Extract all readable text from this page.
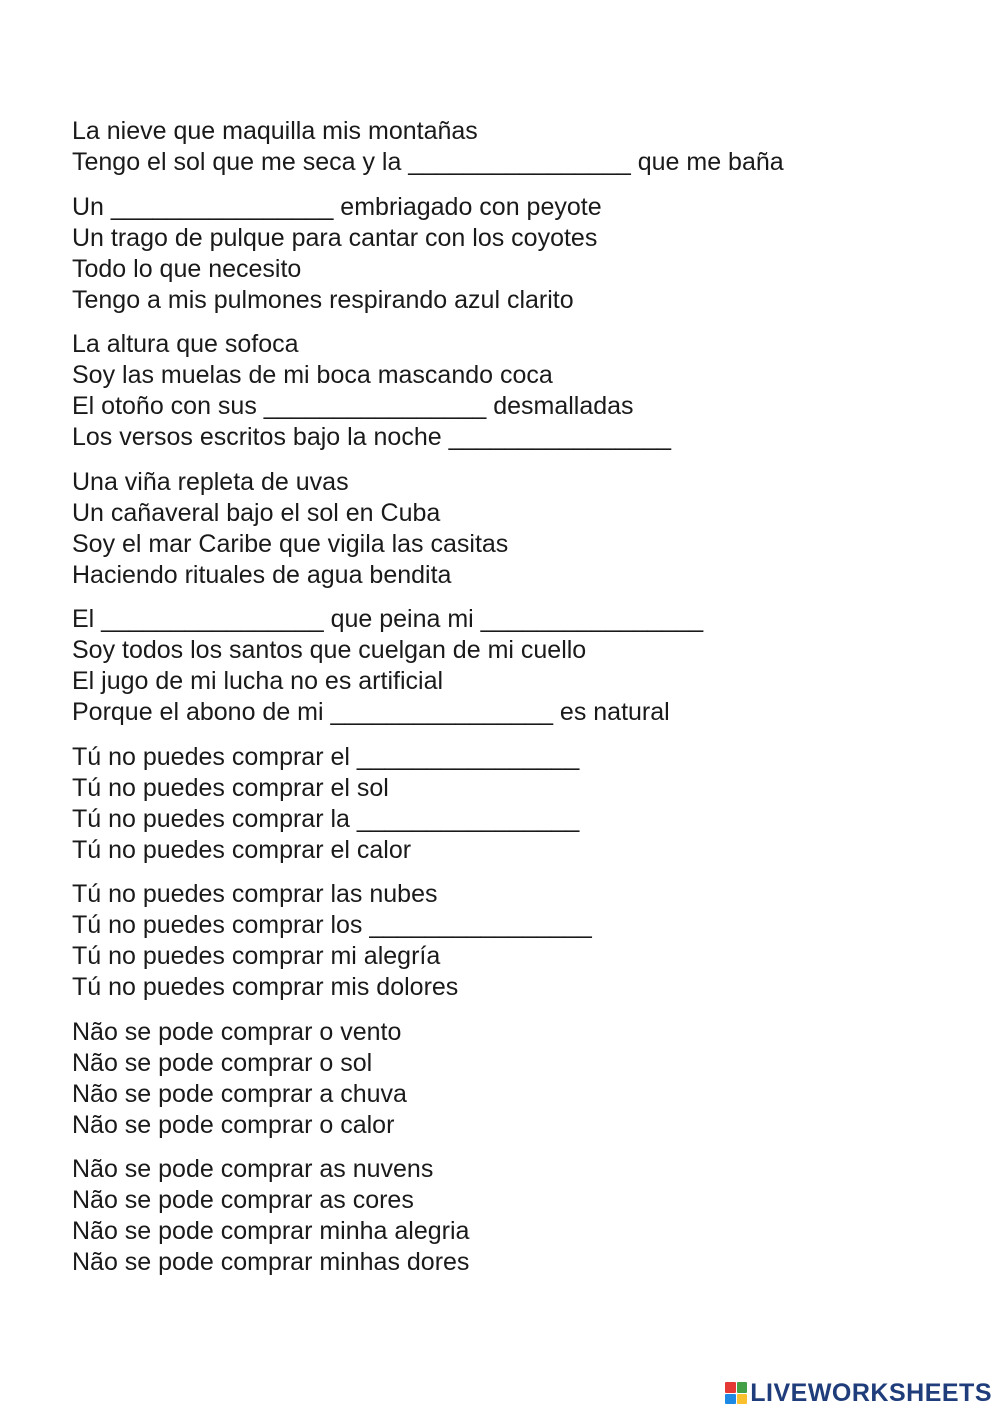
La nieve que maquilla mis montañas
Tengo el sol que me seca y la ________________ que me baña
Un ________________ embriagado con peyote
Un trago de pulque para cantar con los coyotes
Todo lo que necesito
Tengo a mis pulmones respirando azul clarito
La altura que sofoca
Soy las muelas de mi boca mascando coca
El otoño con sus ________________ desmalladas
Los versos escritos bajo la noche ________________
Una viña repleta de uvas
Un cañaveral bajo el sol en Cuba
Soy el mar Caribe que vigila las casitas
Haciendo rituales de agua bendita
El ________________ que peina mi ________________
Soy todos los santos que cuelgan de mi cuello
El jugo de mi lucha no es artificial
Porque el abono de mi ________________ es natural
Tú no puedes comprar el ________________
Tú no puedes comprar el sol
Tú no puedes comprar la ________________
Tú no puedes comprar el calor
Tú no puedes comprar las nubes
Tú no puedes comprar los ________________
Tú no puedes comprar mi alegría
Tú no puedes comprar mis dolores
Não se pode comprar o vento
Não se pode comprar o sol
Não se pode comprar a chuva
Não se pode comprar o calor
Não se pode comprar as nuvens
Não se pode comprar as cores
Não se pode comprar minha alegria
Não se pode comprar minhas dores
LIVEWORKSHEETS
